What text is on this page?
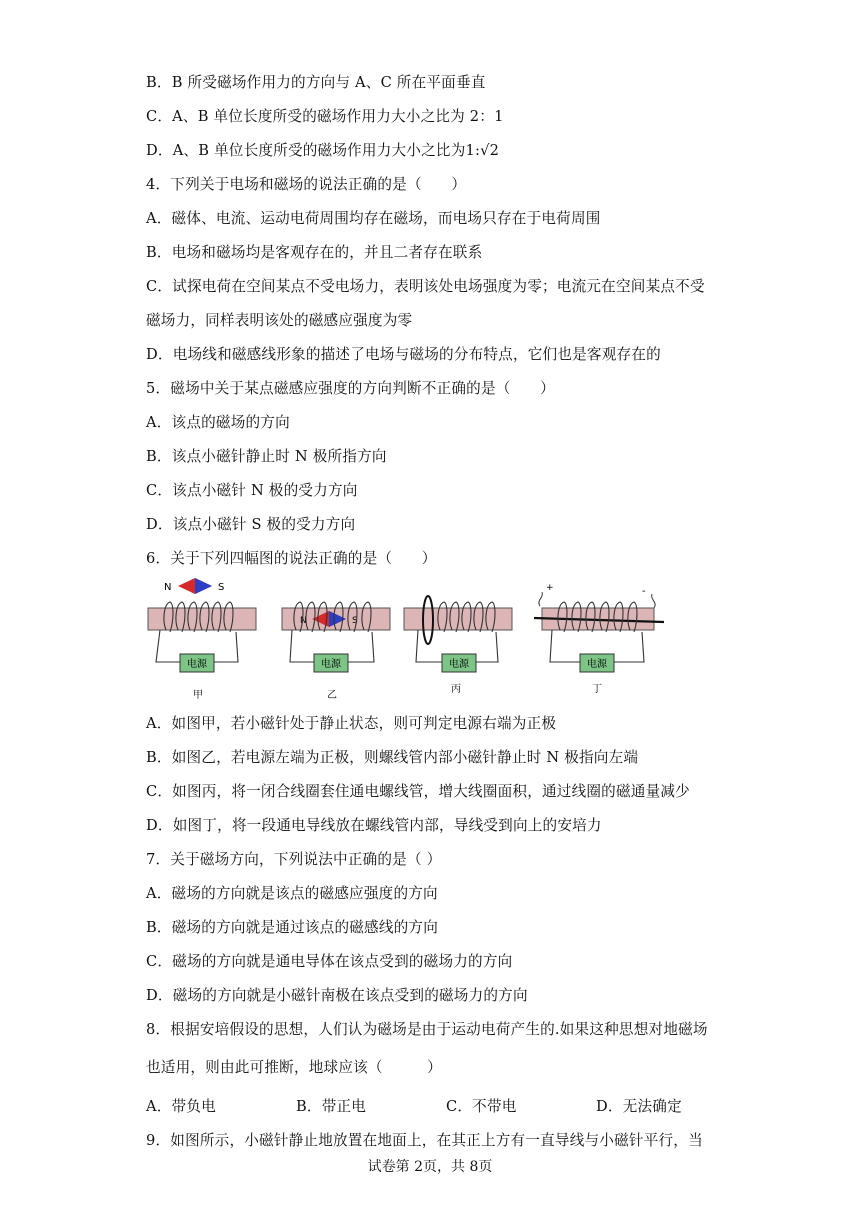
B．B 所受磁场作用力的方向与 A、C 所在平面垂直
C．A、B 单位长度所受的磁场作用力大小之比为 2：1
D．A、B 单位长度所受的磁场作用力大小之比为1:√2
4．下列关于电场和磁场的说法正确的是（　　）
A．磁体、电流、运动电荷周围均存在磁场，而电场只存在于电荷周围
B．电场和磁场均是客观存在的，并且二者存在联系
C．试探电荷在空间某点不受电场力，表明该处电场强度为零；电流元在空间某点不受
磁场力，同样表明该处的磁感应强度为零
D．电场线和磁感线形象的描述了电场与磁场的分布特点，它们也是客观存在的
5．磁场中关于某点磁感应强度的方向判断不正确的是（　　）
A．该点的磁场的方向
B．该点小磁针静止时 N 极所指方向
C．该点小磁针 N 极的受力方向
D．该点小磁针 S 极的受力方向
6．关于下列四幅图的说法正确的是（　　）
N	S
电源
甲
N	S
电源
乙
电源
丙
+	-
电源
丁
A．如图甲，若小磁针处于静止状态，则可判定电源右端为正极
B．如图乙，若电源左端为正极，则螺线管内部小磁针静止时 N 极指向左端
C．如图丙，将一闭合线圈套住通电螺线管，增大线圈面积，通过线圈的磁通量减少
D．如图丁，将一段通电导线放在螺线管内部，导线受到向上的安培力
7．关于磁场方向，下列说法中正确的是（ ）
A．磁场的方向就是该点的磁感应强度的方向
B．磁场的方向就是通过该点的磁感线的方向
C．磁场的方向就是通电导体在该点受到的磁场力的方向
D．磁场的方向就是小磁针南极在该点受到的磁场力的方向
8．根据安培假设的思想，人们认为磁场是由于运动电荷产生的.如果这种思想对地磁场
也适用，则由此可推断，地球应该（　　　）
A．带负电	B．带正电	C．不带电	D．无法确定
9．如图所示，小磁针静止地放置在地面上，在其正上方有一直导线与小磁针平行，当
试卷第 2页，共 8页
